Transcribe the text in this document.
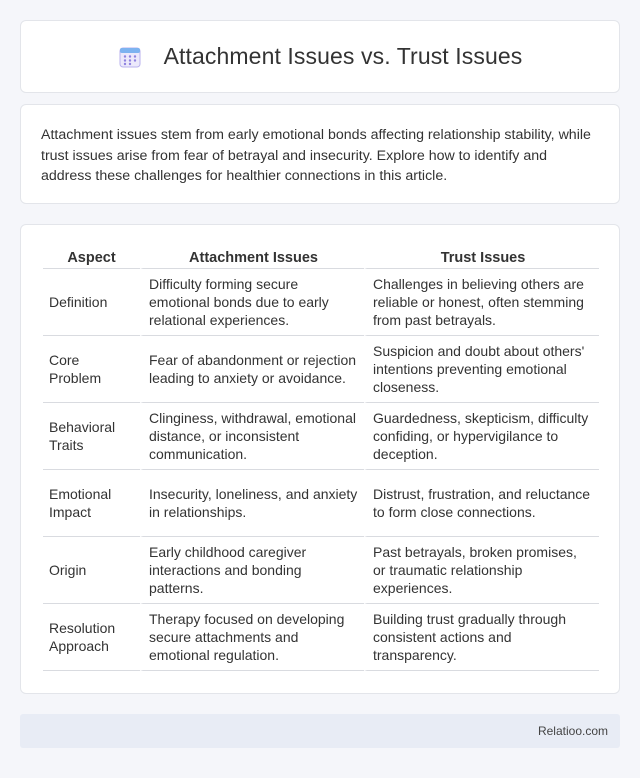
Attachment Issues vs. Trust Issues

Attachment issues stem from early emotional bonds affecting relationship stability, while trust issues arise from fear of betrayal and insecurity. Explore how to identify and address these challenges for healthier connections in this article.

Aspect	Attachment Issues	Trust Issues
Definition	Difficulty forming secure emotional bonds due to early relational experiences.	Challenges in believing others are reliable or honest, often stemming from past betrayals.
Core Problem	Fear of abandonment or rejection leading to anxiety or avoidance.	Suspicion and doubt about others' intentions preventing emotional closeness.
Behavioral Traits	Clinginess, withdrawal, emotional distance, or inconsistent communication.	Guardedness, skepticism, difficulty confiding, or hypervigilance to deception.
Emotional Impact	Insecurity, loneliness, and anxiety in relationships.	Distrust, frustration, and reluctance to form close connections.
Origin	Early childhood caregiver interactions and bonding patterns.	Past betrayals, broken promises, or traumatic relationship experiences.
Resolution Approach	Therapy focused on developing secure attachments and emotional regulation.	Building trust gradually through consistent actions and transparency.
Relatioo.com
